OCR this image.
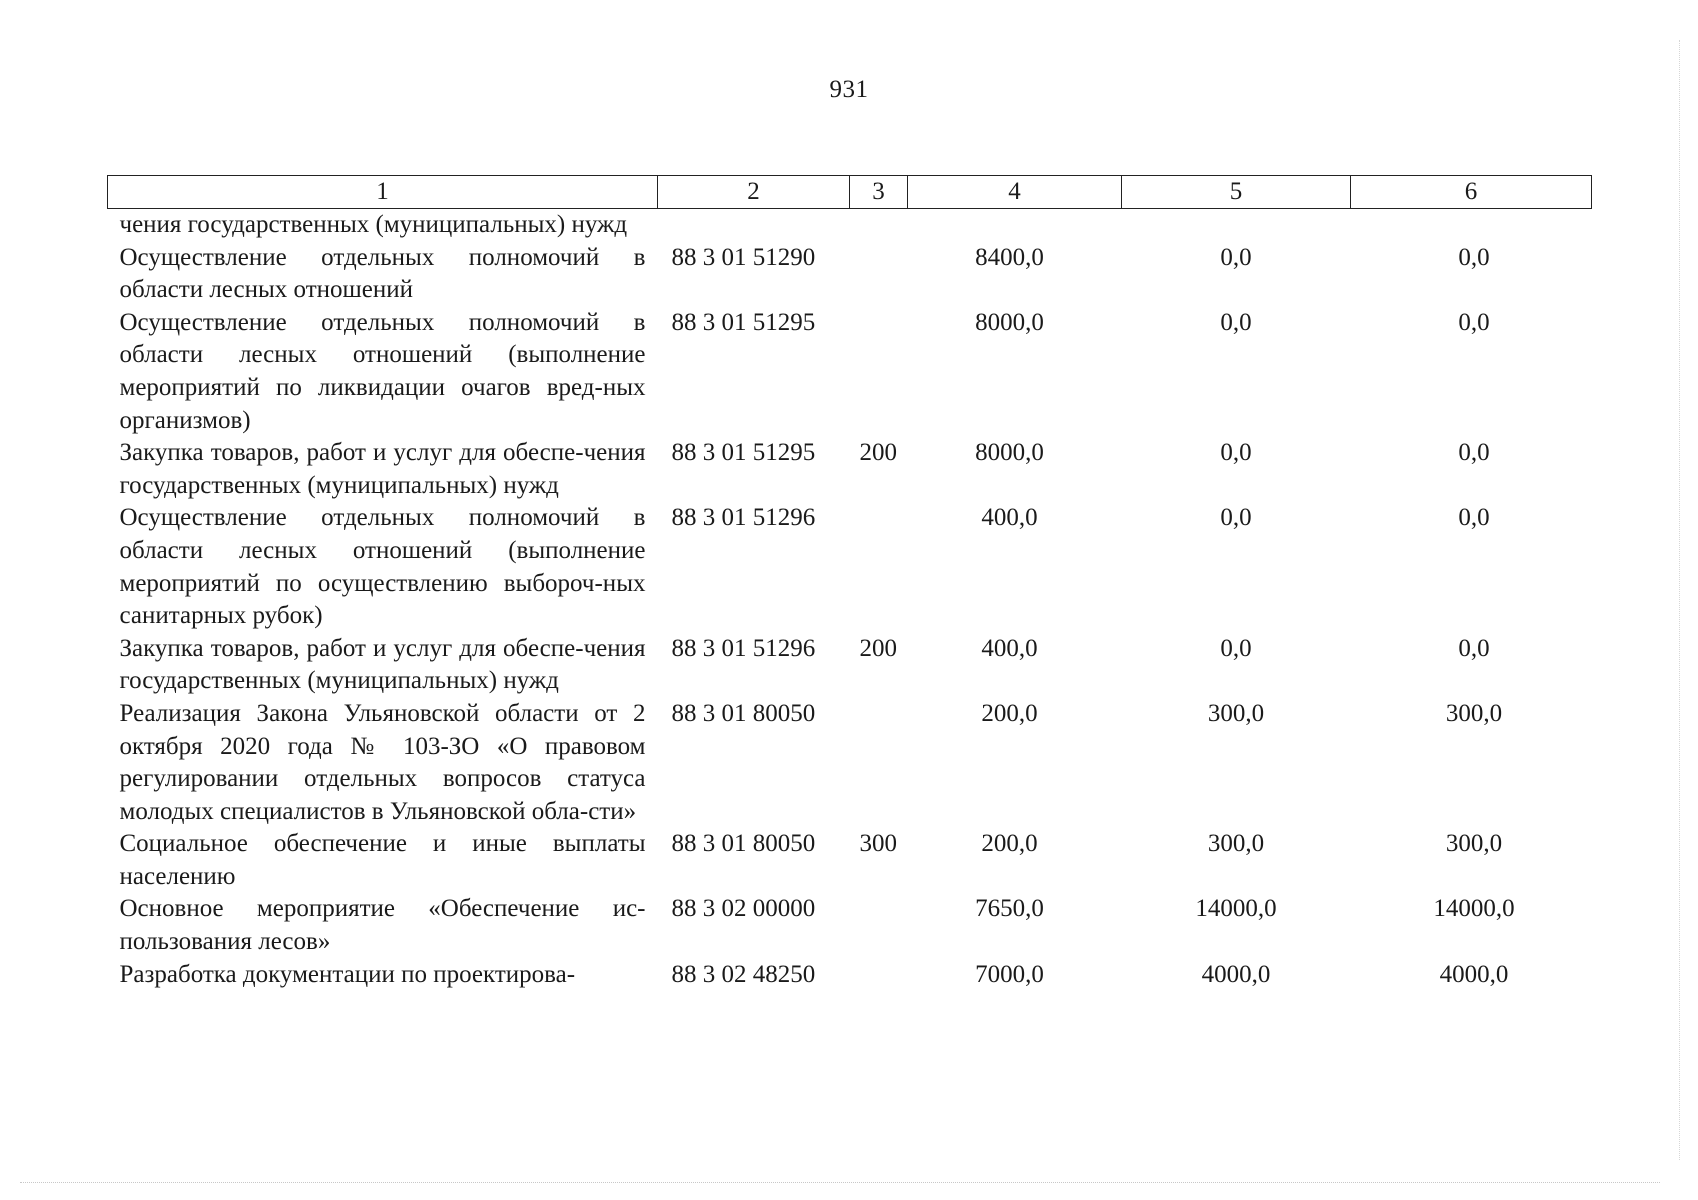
931
1	2	3	4	5	6
чения государственных (муниципальных) нужд					
Осуществление отдельных полномочий в области лесных отношений	88 3 01 51290		8400,0	0,0	0,0
Осуществление отдельных полномочий в области лесных отношений (выполнение мероприятий по ликвидации очагов вред-ных организмов)	88 3 01 51295		8000,0	0,0	0,0
Закупка товаров, работ и услуг для обеспе-чения государственных (муниципальных) нужд	88 3 01 51295	200	8000,0	0,0	0,0
Осуществление отдельных полномочий в области лесных отношений (выполнение мероприятий по осуществлению выбороч-ных санитарных рубок)	88 3 01 51296		400,0	0,0	0,0
Закупка товаров, работ и услуг для обеспе-чения государственных (муниципальных) нужд	88 3 01 51296	200	400,0	0,0	0,0
Реализация Закона Ульяновской области от 2 октября 2020 года № 103-ЗО «О правовом регулировании отдельных вопросов статуса молодых специалистов в Ульяновской обла-сти»	88 3 01 80050		200,0	300,0	300,0
Социальное обеспечение и иные выплаты населению	88 3 01 80050	300	200,0	300,0	300,0
Основное мероприятие «Обеспечение ис-пользования лесов»	88 3 02 00000		7650,0	14000,0	14000,0
Разработка документации по проектирова-	88 3 02 48250		7000,0	4000,0	4000,0
